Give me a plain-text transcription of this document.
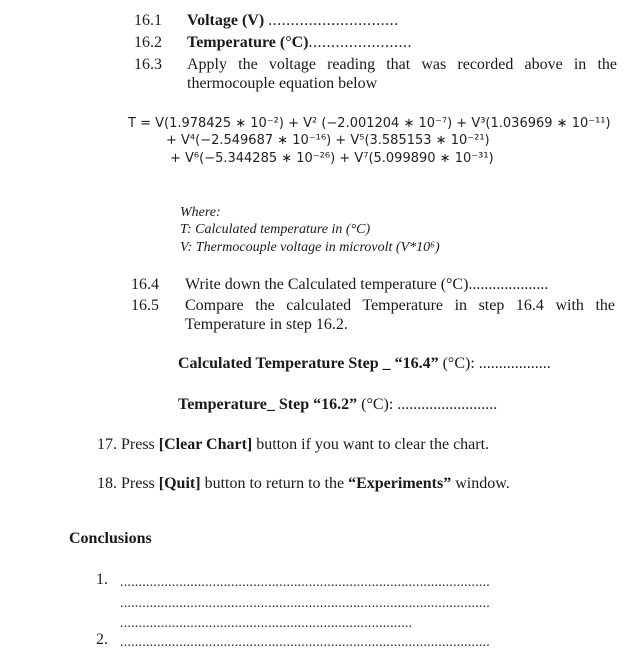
16.1 Voltage (V) .............................
16.2 Temperature (°C).......................
16.3 Apply the voltage reading that was recorded above in the
thermocouple equation below
T = V(1.978425 ∗ 10⁻²) + V² (−2.001204 ∗ 10⁻⁷) + V³(1.036969 ∗ 10⁻¹¹)
+ V⁴(−2.549687 ∗ 10⁻¹⁶) + V⁵(3.585153 ∗ 10⁻²¹)
+ V⁶(−5.344285 ∗ 10⁻²⁶) + V⁷(5.099890 ∗ 10⁻³¹)
Where:
T: Calculated temperature in (°C)
V: Thermocouple voltage in microvolt (V*10⁶)
16.4 Write down the Calculated temperature (°C)....................
16.5 Compare the calculated Temperature in step 16.4 with the
Temperature in step 16.2.
Calculated Temperature Step _ “16.4” (°C): ..................
Temperature_ Step “16.2” (°C): .........................
17. Press [Clear Chart] button if you want to clear the chart.
18. Press [Quit] button to return to the “Experiments” window.
Conclusions
1. ....................................................................................................
....................................................................................................
...............................................................................
2. ....................................................................................................
